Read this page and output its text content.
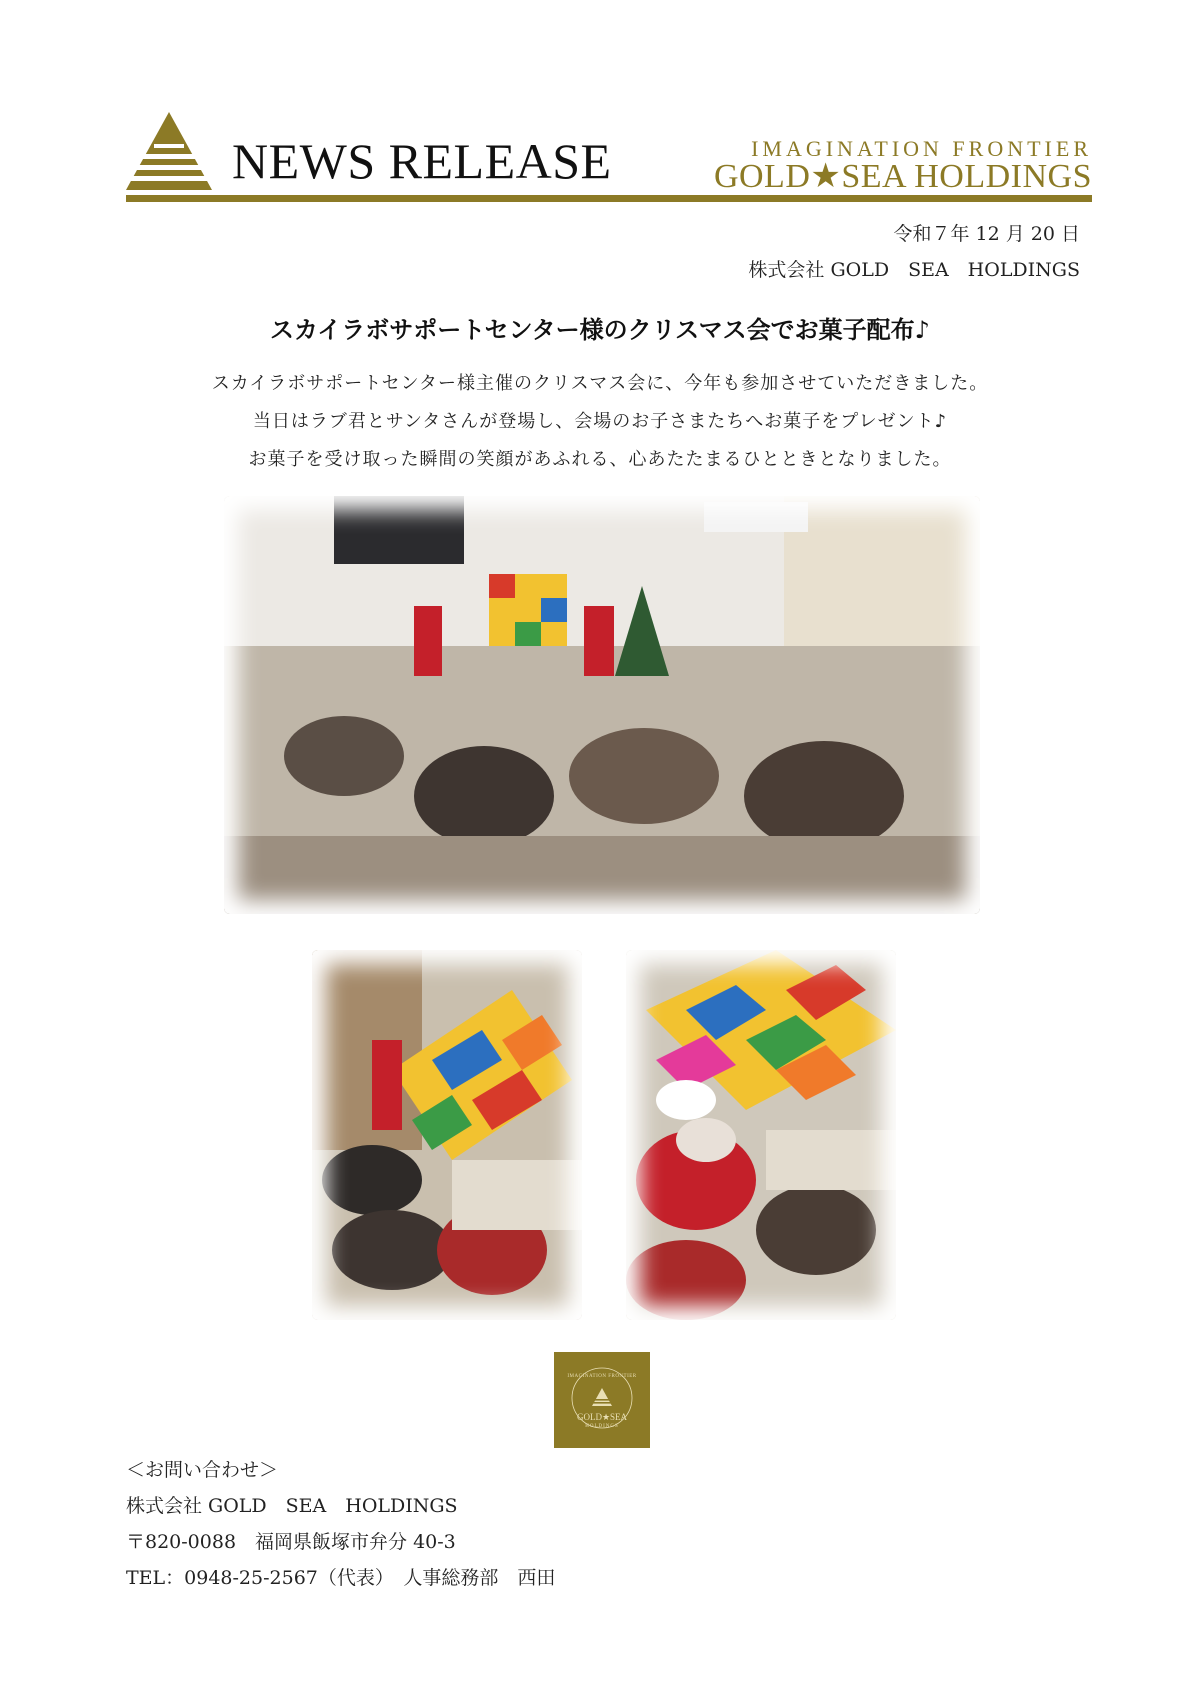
NEWS RELEASE	IMAGINATION FRONTIER
GOLD★SEA HOLDINGS
令和７年 12 月 20 日
株式会社 GOLD　SEA　HOLDINGS
スカイラボサポートセンター様のクリスマス会でお菓子配布♪
スカイラボサポートセンター様主催のクリスマス会に、今年も参加させていただきました。
当日はラブ君とサンタさんが登場し、会場のお子さまたちへお菓子をプレゼント♪
お菓子を受け取った瞬間の笑顔があふれる、心あたたまるひとときとなりました。
IMAGINATION FRONTIER
GOLD★SEA
HOLDINGS
＜お問い合わせ＞
株式会社 GOLD　SEA　HOLDINGS
〒820-0088　福岡県飯塚市弁分 40-3
TEL：0948-25-2567（代表）　人事総務部　西田
